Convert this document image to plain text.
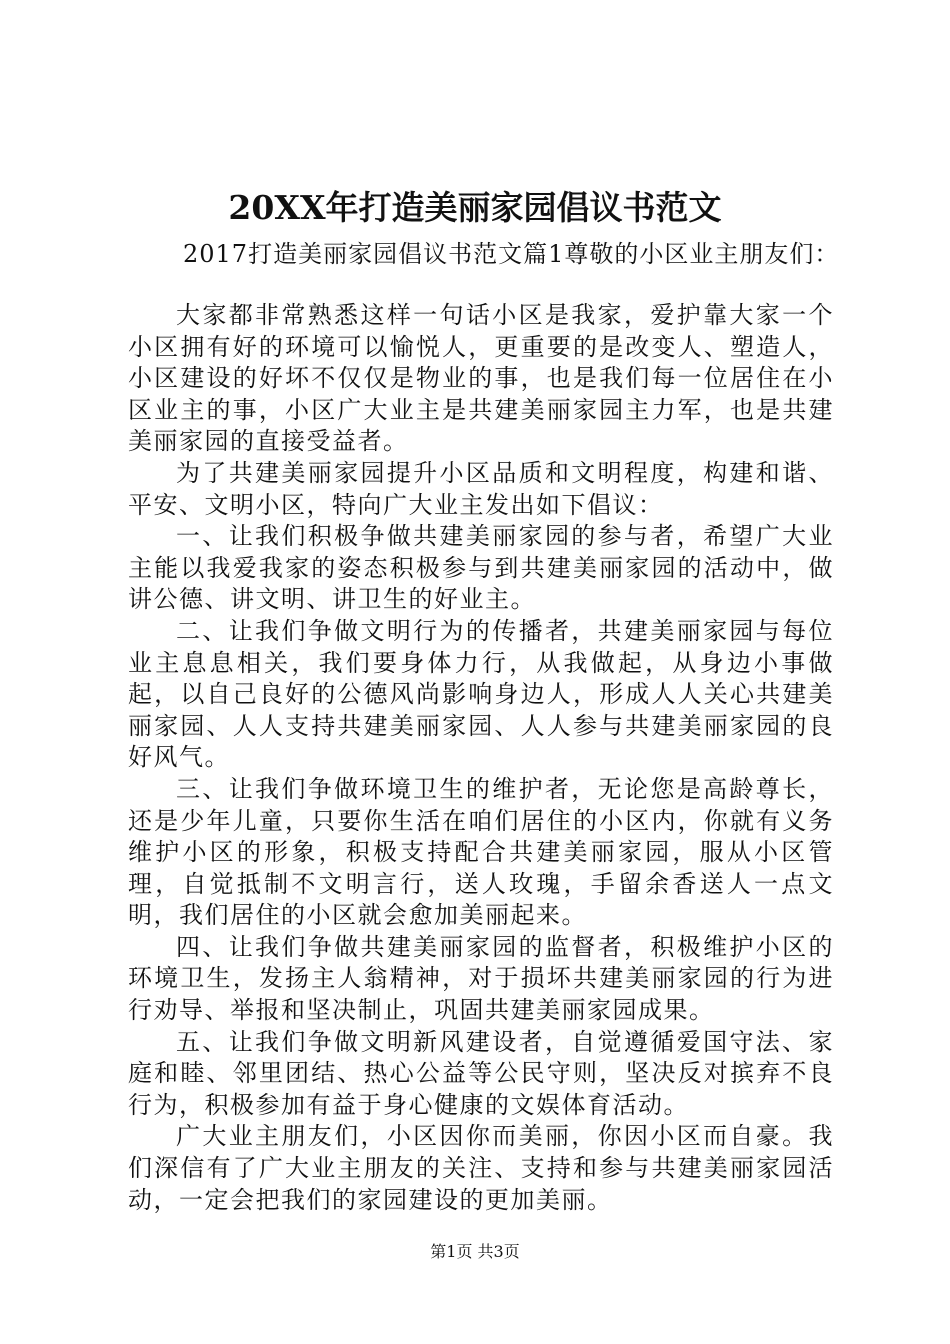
20XX年打造美丽家园倡议书范文
2017打造美丽家园倡议书范文篇1尊敬的小区业主朋友们：

大家都非常熟悉这样一句话小区是我家，爱护靠大家一个小区拥有好的环境可以愉悦人，更重要的是改变人、塑造人，小区建设的好坏不仅仅是物业的事，也是我们每一位居住在小区业主的事，小区广大业主是共建美丽家园主力军，也是共建美丽家园的直接受益者。

为了共建美丽家园提升小区品质和文明程度，构建和谐、平安、文明小区，特向广大业主发出如下倡议：

一、让我们积极争做共建美丽家园的参与者，希望广大业主能以我爱我家的姿态积极参与到共建美丽家园的活动中，做讲公德、讲文明、讲卫生的好业主。

二、让我们争做文明行为的传播者，共建美丽家园与每位业主息息相关，我们要身体力行，从我做起，从身边小事做起，以自己良好的公德风尚影响身边人，形成人人关心共建美丽家园、人人支持共建美丽家园、人人参与共建美丽家园的良好风气。

三、让我们争做环境卫生的维护者，无论您是高龄尊长，还是少年儿童，只要你生活在咱们居住的小区内，你就有义务维护小区的形象，积极支持配合共建美丽家园，服从小区管理，自觉抵制不文明言行，送人玫瑰，手留余香送人一点文明，我们居住的小区就会愈加美丽起来。

四、让我们争做共建美丽家园的监督者，积极维护小区的环境卫生，发扬主人翁精神，对于损坏共建美丽家园的行为进行劝导、举报和坚决制止，巩固共建美丽家园成果。

五、让我们争做文明新风建设者，自觉遵循爱国守法、家庭和睦、邻里团结、热心公益等公民守则，坚决反对摈弃不良行为，积极参加有益于身心健康的文娱体育活动。

广大业主朋友们，小区因你而美丽，你因小区而自豪。我们深信有了广大业主朋友的关注、支持和参与共建美丽家园活动，一定会把我们的家园建设的更加美丽。

第1页 共3页
